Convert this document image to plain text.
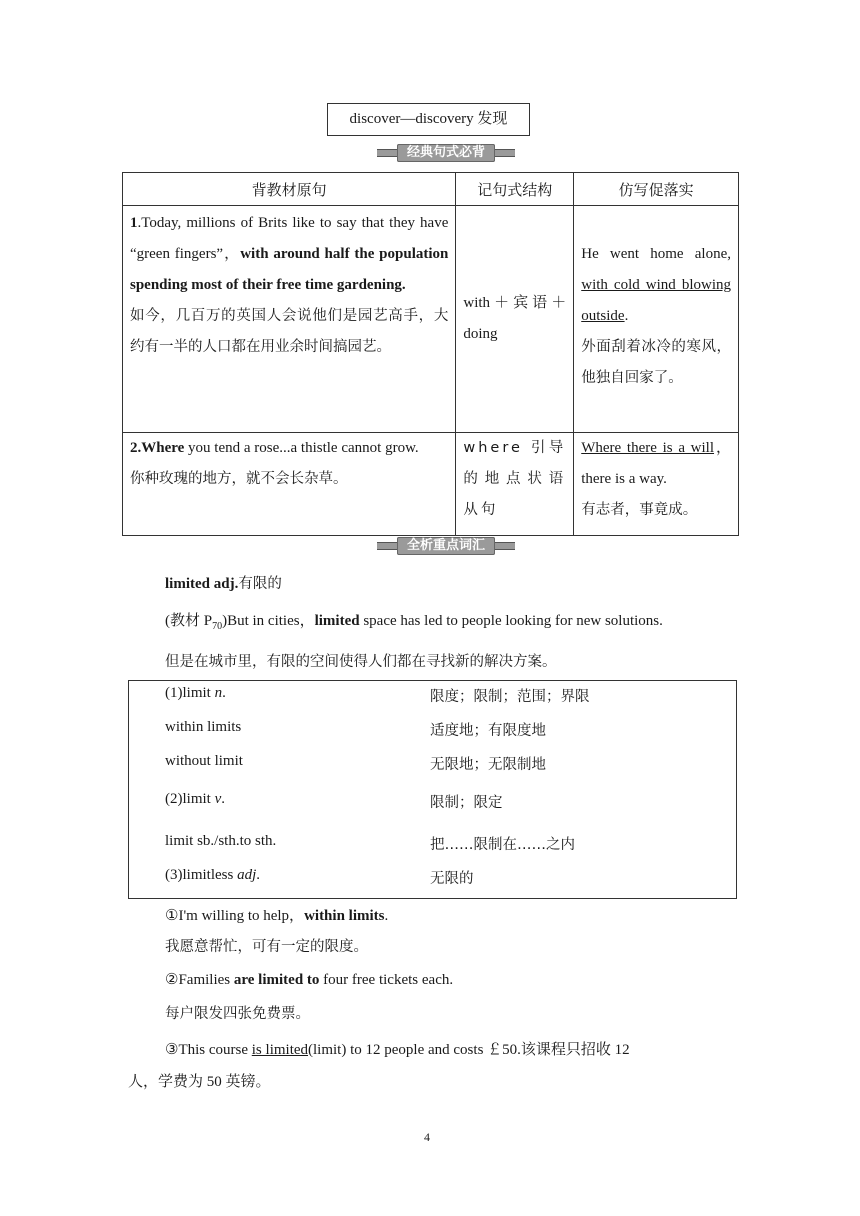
discover—discovery 发现
经典句式必背
背教材原句	记句式结构	仿写促落实

1.Today, millions of Brits like to say that they have “green fingers”，with around half the population spending most of their free time gardening.
如今，几百万的英国人会说他们是园艺高手，大约有一半的人口都在用业余时间搞园艺。	with＋宾语＋doing	He went home alone, with cold wind blowing outside.
外面刮着冰冷的寒风，他独自回家了。

2.Where you tend a rose...a thistle cannot grow.
你种玫瑰的地方，就不会长杂草。	where 引导的地点状语从句	Where there is a will，there is a way.
有志者，事竟成。
全析重点词汇
limited adj.有限的
(教材 $P_{70})But$ in cities，limited space has led to people looking for new solutions.
但是在城市里，有限的空间使得人们都在寻找新的解决方案。
(1)limit n.	限度；限制；范围；界限
within limits	适度地；有限度地
without limit	无限地；无限制地
(2)limit v.	限制；限定
limit sb./sth.to sth.	把……限制在……之内
(3)limitless adj.	无限的
①I'm willing to help，within limits.
我愿意帮忙，可有一定的限度。
②Families are limited to four free tickets each.
每户限发四张免费票。
③This course is limited(limit) to 12 people and costs ￡50.该课程只招收 12
人，学费为 50 英镑。
4
